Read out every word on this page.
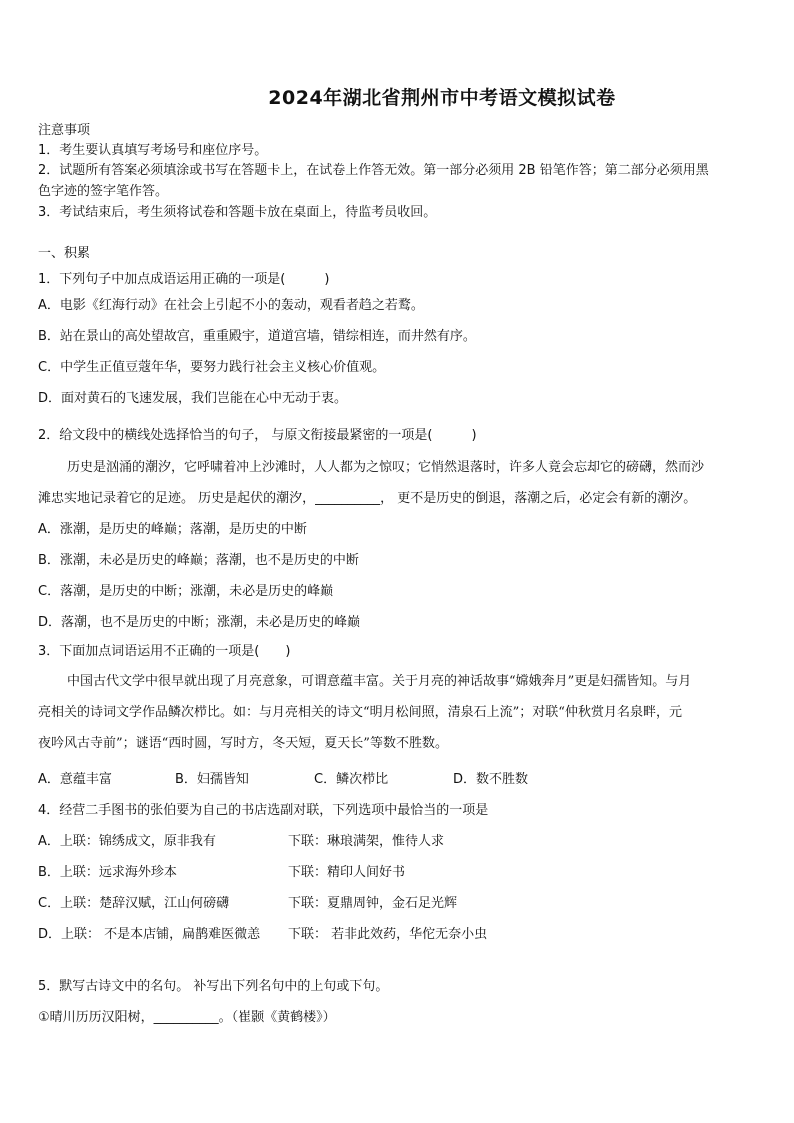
2024年湖北省荆州市中考语文模拟试卷
注意事项
1．考生要认真填写考场号和座位序号。
2．试题所有答案必须填涂或书写在答题卡上，在试卷上作答无效。第一部分必须用 2B 铅笔作答；第二部分必须用黑
色字迹的签字笔作答。
3．考试结束后，考生须将试卷和答题卡放在桌面上，待监考员收回。
一、积累
1．下列句子中加点成语运用正确的一项是(　　　)
A．电影《红海行动》在社会上引起不小的轰动，观看者趋之若鹜。
B．站在景山的高处望故宫，重重殿宇，道道宫墙，错综相连，而井然有序。
C．中学生正值豆蔻年华，要努力践行社会主义核心价值观。
D．面对黄石的飞速发展，我们岂能在心中无动于衷。
2．给文段中的横线处选择恰当的句子， 与原文衔接最紧密的一项是(　　　)
历史是汹涌的潮汐，它呼啸着冲上沙滩时，人人都为之惊叹；它悄然退落时，许多人竟会忘却它的磅礴，然而沙
滩忠实地记录着它的足迹。 历史是起伏的潮汐，__________， 更不是历史的倒退，落潮之后，必定会有新的潮汐。
A．涨潮，是历史的峰巅；落潮，是历史的中断
B．涨潮，未必是历史的峰巅；落潮，也不是历史的中断
C．落潮，是历史的中断；涨潮，未必是历史的峰巅
D．落潮，也不是历史的中断；涨潮，未必是历史的峰巅
3．下面加点词语运用不正确的一项是(　　)
中国古代文学中很早就出现了月亮意象，可谓意蕴丰富。关于月亮的神话故事“嫦娥奔月”更是妇孺皆知。与月
亮相关的诗词文学作品鳞次栉比。如：与月亮相关的诗文“明月松间照，清泉石上流”；对联“仲秋赏月名泉畔，元
夜吟风古寺前”；谜语“西时圆，写时方，冬天短，夏天长”等数不胜数。
A．意蕴丰富	B．妇孺皆知	C．鳞次栉比	D．数不胜数
4．经营二手图书的张伯要为自己的书店选副对联，下列选项中最恰当的一项是
A．上联：锦绣成文，原非我有	下联：琳琅满架，惟待人求
B．上联：远求海外珍本	下联：精印人间好书
C．上联：楚辞汉赋，江山何磅礴	下联：夏鼎周钟，金石足光辉
D．上联： 不是本店铺，扁鹊难医微恙 下联： 若非此效药，华佗无奈小虫
5．默写古诗文中的名句。 补写出下列名句中的上句或下句。
①晴川历历汉阳树，__________。（崔颢《黄鹤楼》）
